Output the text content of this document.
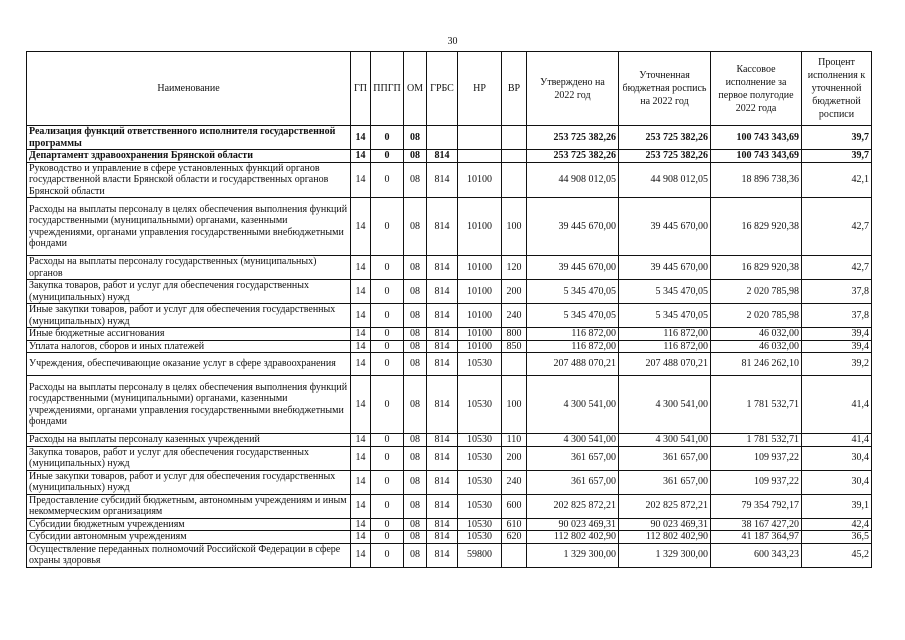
30
Наименование	ГП	ППГП	ОМ	ГРБС	НР	ВР	Утверждено на 2022 год	Уточненная бюджетная роспись на 2022 год	Кассовое исполнение за первое полугодие 2022 года	Процент исполнения к уточненной бюджетной росписи
Реализация функций ответственного исполнителя государственной программы	14	0	08				253 725 382,26	253 725 382,26	100 743 343,69	39,7
Департамент здравоохранения Брянской области	14	0	08	814			253 725 382,26	253 725 382,26	100 743 343,69	39,7
Руководство и управление в сфере установленных функций органов государственной власти Брянской области и государственных органов Брянской области	14	0	08	814	10100		44 908 012,05	44 908 012,05	18 896 738,36	42,1
Расходы на выплаты персоналу в целях обеспечения выполнения функций государственными (муниципальными) органами, казенными учреждениями, органами управления государственными внебюджетными фондами	14	0	08	814	10100	100	39 445 670,00	39 445 670,00	16 829 920,38	42,7
Расходы на выплаты персоналу государственных (муниципальных) органов	14	0	08	814	10100	120	39 445 670,00	39 445 670,00	16 829 920,38	42,7
Закупка товаров, работ и услуг для обеспечения государственных (муниципальных) нужд	14	0	08	814	10100	200	5 345 470,05	5 345 470,05	2 020 785,98	37,8
Иные закупки товаров, работ и услуг для обеспечения государственных (муниципальных) нужд	14	0	08	814	10100	240	5 345 470,05	5 345 470,05	2 020 785,98	37,8
Иные бюджетные ассигнования	14	0	08	814	10100	800	116 872,00	116 872,00	46 032,00	39,4
Уплата налогов, сборов и иных платежей	14	0	08	814	10100	850	116 872,00	116 872,00	46 032,00	39,4
Учреждения, обеспечивающие оказание услуг в сфере здравоохранения	14	0	08	814	10530		207 488 070,21	207 488 070,21	81 246 262,10	39,2
Расходы на выплаты персоналу в целях обеспечения выполнения функций государственными (муниципальными) органами, казенными учреждениями, органами управления государственными внебюджетными фондами	14	0	08	814	10530	100	4 300 541,00	4 300 541,00	1 781 532,71	41,4
Расходы на выплаты персоналу казенных учреждений	14	0	08	814	10530	110	4 300 541,00	4 300 541,00	1 781 532,71	41,4
Закупка товаров, работ и услуг для обеспечения государственных (муниципальных) нужд	14	0	08	814	10530	200	361 657,00	361 657,00	109 937,22	30,4
Иные закупки товаров, работ и услуг для обеспечения государственных (муниципальных) нужд	14	0	08	814	10530	240	361 657,00	361 657,00	109 937,22	30,4
Предоставление субсидий бюджетным, автономным учреждениям и иным некоммерческим организациям	14	0	08	814	10530	600	202 825 872,21	202 825 872,21	79 354 792,17	39,1
Субсидии бюджетным учреждениям	14	0	08	814	10530	610	90 023 469,31	90 023 469,31	38 167 427,20	42,4
Субсидии автономным учреждениям	14	0	08	814	10530	620	112 802 402,90	112 802 402,90	41 187 364,97	36,5
Осуществление переданных полномочий Российской Федерации в сфере охраны здоровья	14	0	08	814	59800		1 329 300,00	1 329 300,00	600 343,23	45,2
